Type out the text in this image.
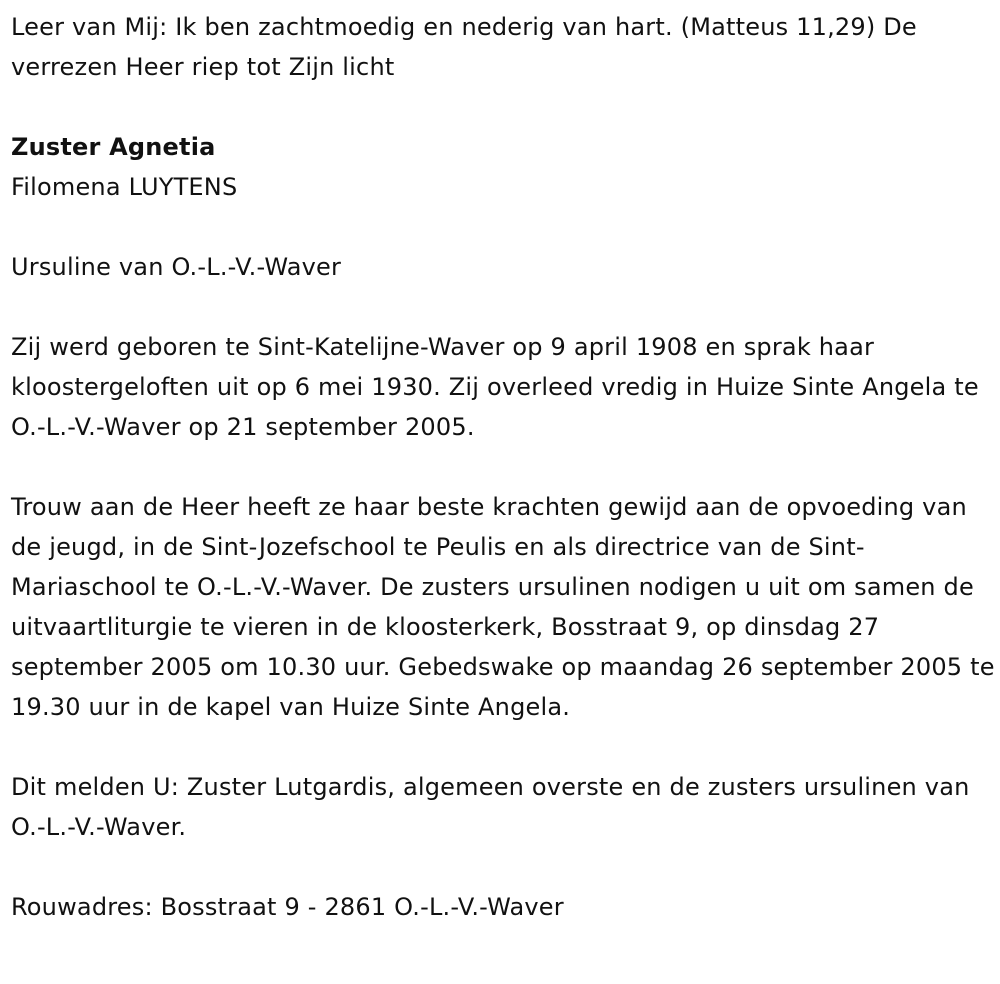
Leer van Mij: Ik ben zachtmoedig en nederig van hart. (Matteus 11,29) De verrezen Heer riep tot Zijn licht

Zuster Agnetia

Filomena LUYTENS

Ursuline van O.-L.-V.-Waver

Zij werd geboren te Sint-Katelijne-Waver op 9 april 1908 en sprak haar kloostergeloften uit op 6 mei 1930. Zij overleed vredig in Huize Sinte Angela te O.-L.-V.-Waver op 21 september 2005.

Trouw aan de Heer heeft ze haar beste krachten gewijd aan de opvoeding van de jeugd, in de Sint-Jozefschool te Peulis en als directrice van de Sint-Mariaschool te O.-L.-V.-Waver. De zusters ursulinen nodigen u uit om samen de uitvaartliturgie te vieren in de kloosterkerk, Bosstraat 9, op dinsdag 27 september 2005 om 10.30 uur. Gebedswake op maandag 26 september 2005 te 19.30 uur in de kapel van Huize Sinte Angela.

Dit melden U: Zuster Lutgardis, algemeen overste en de zusters ursulinen van O.-L.-V.-Waver.

Rouwadres: Bosstraat 9 - 2861 O.-L.-V.-Waver
